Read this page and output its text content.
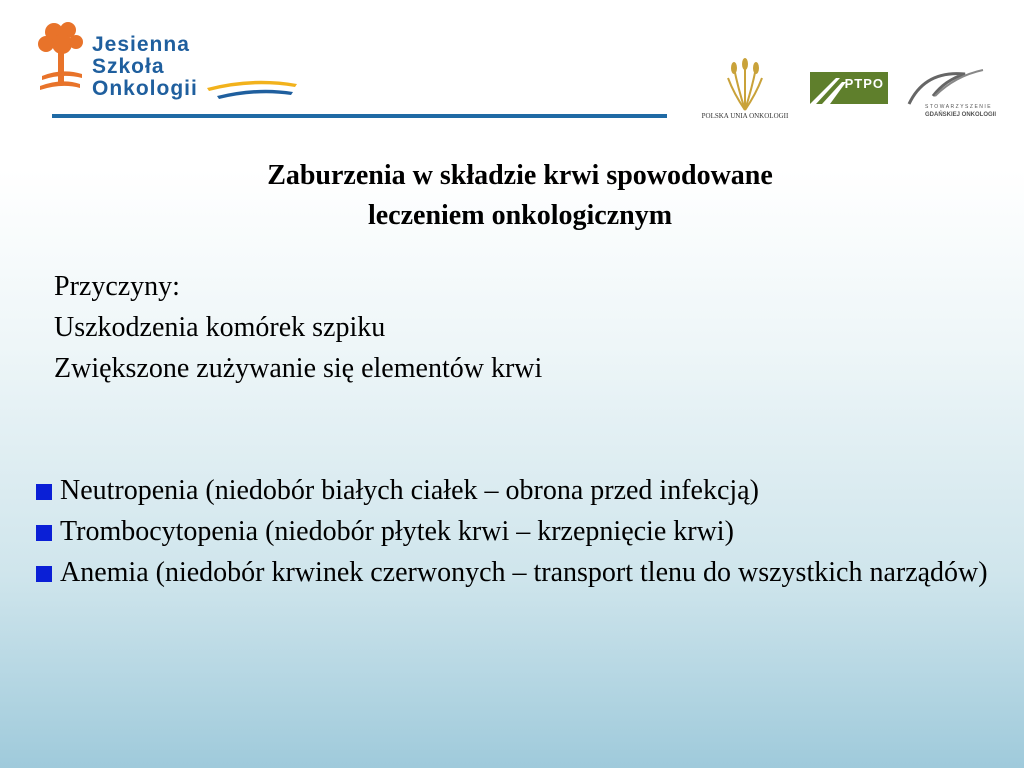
Jesienna
Szkoła
Onkologii
POLSKA UNIA ONKOLOGII
PTPO
STOWARZYSZENIE
GDAŃSKIEJ ONKOLOGII
Zaburzenia w składzie krwi spowodowane
leczeniem onkologicznym
Przyczyny:
Uszkodzenia komórek szpiku
Zwiększone zużywanie się elementów krwi
Neutropenia (niedobór białych ciałek – obrona przed infekcją)
Trombocytopenia (niedobór płytek krwi – krzepnięcie krwi)
Anemia (niedobór krwinek czerwonych – transport tlenu do wszystkich narządów)
